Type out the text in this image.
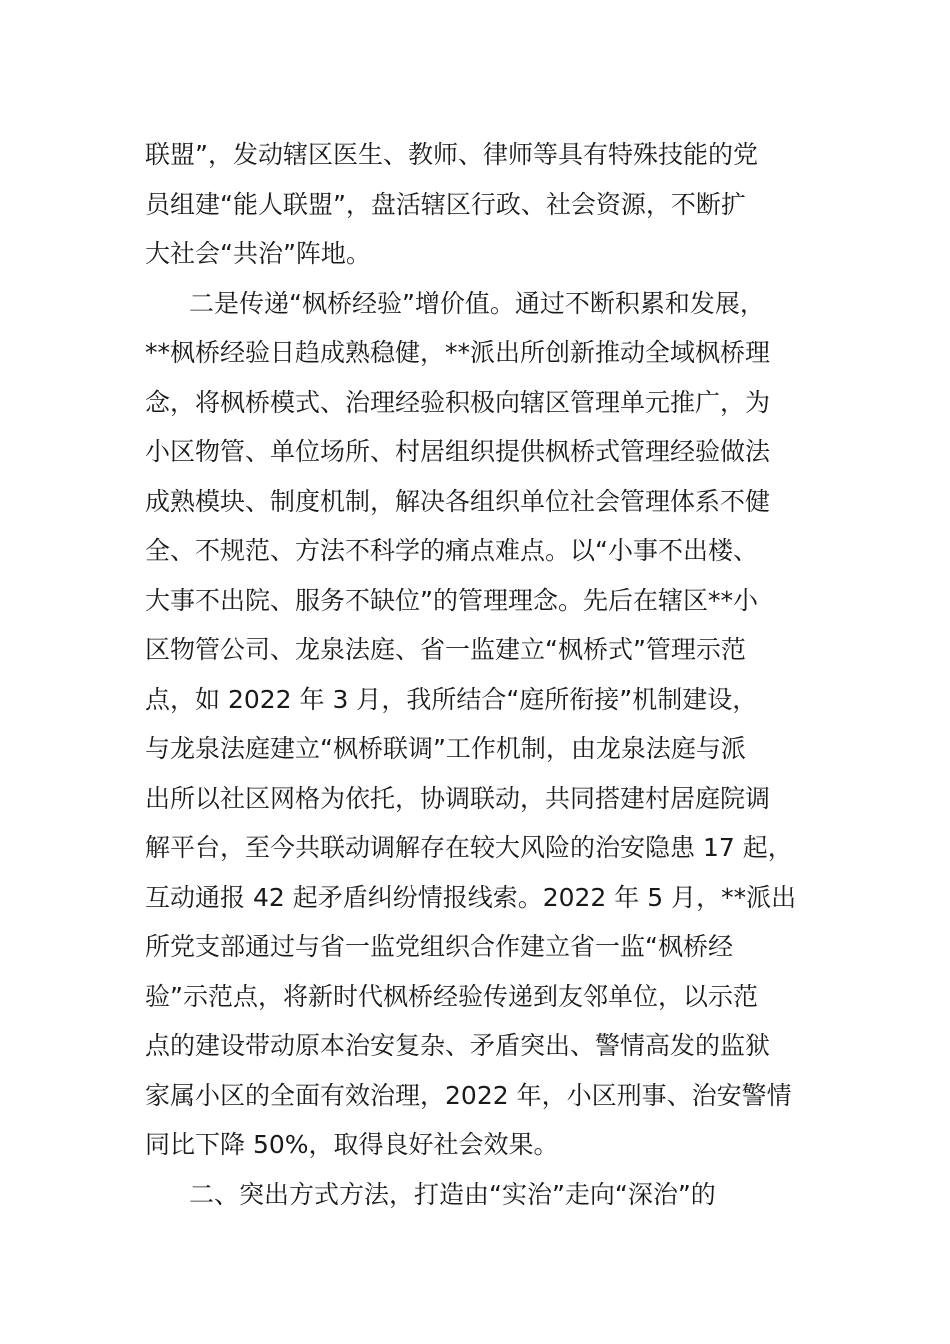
联盟”，发动辖区医生、教师、律师等具有特殊技能的党
员组建“能人联盟”，盘活辖区行政、社会资源，不断扩
大社会“共治”阵地。
二是传递“枫桥经验”增价值。通过不断积累和发展，
**枫桥经验日趋成熟稳健，**派出所创新推动全域枫桥理
念，将枫桥模式、治理经验积极向辖区管理单元推广，为
小区物管、单位场所、村居组织提供枫桥式管理经验做法
成熟模块、制度机制，解决各组织单位社会管理体系不健
全、不规范、方法不科学的痛点难点。以“小事不出楼、
大事不出院、服务不缺位”的管理理念。先后在辖区**小
区物管公司、龙泉法庭、省一监建立“枫桥式”管理示范
点，如 2022 年 3 月，我所结合“庭所衔接”机制建设，
与龙泉法庭建立“枫桥联调”工作机制，由龙泉法庭与派
出所以社区网格为依托，协调联动，共同搭建村居庭院调
解平台，至今共联动调解存在较大风险的治安隐患 17 起，
互动通报 42 起矛盾纠纷情报线索。2022 年 5 月，**派出
所党支部通过与省一监党组织合作建立省一监“枫桥经
验”示范点，将新时代枫桥经验传递到友邻单位，以示范
点的建设带动原本治安复杂、矛盾突出、警情高发的监狱
家属小区的全面有效治理，2022 年，小区刑事、治安警情
同比下降 50%，取得良好社会效果。
二、突出方式方法，打造由“实治”走向“深治”的
